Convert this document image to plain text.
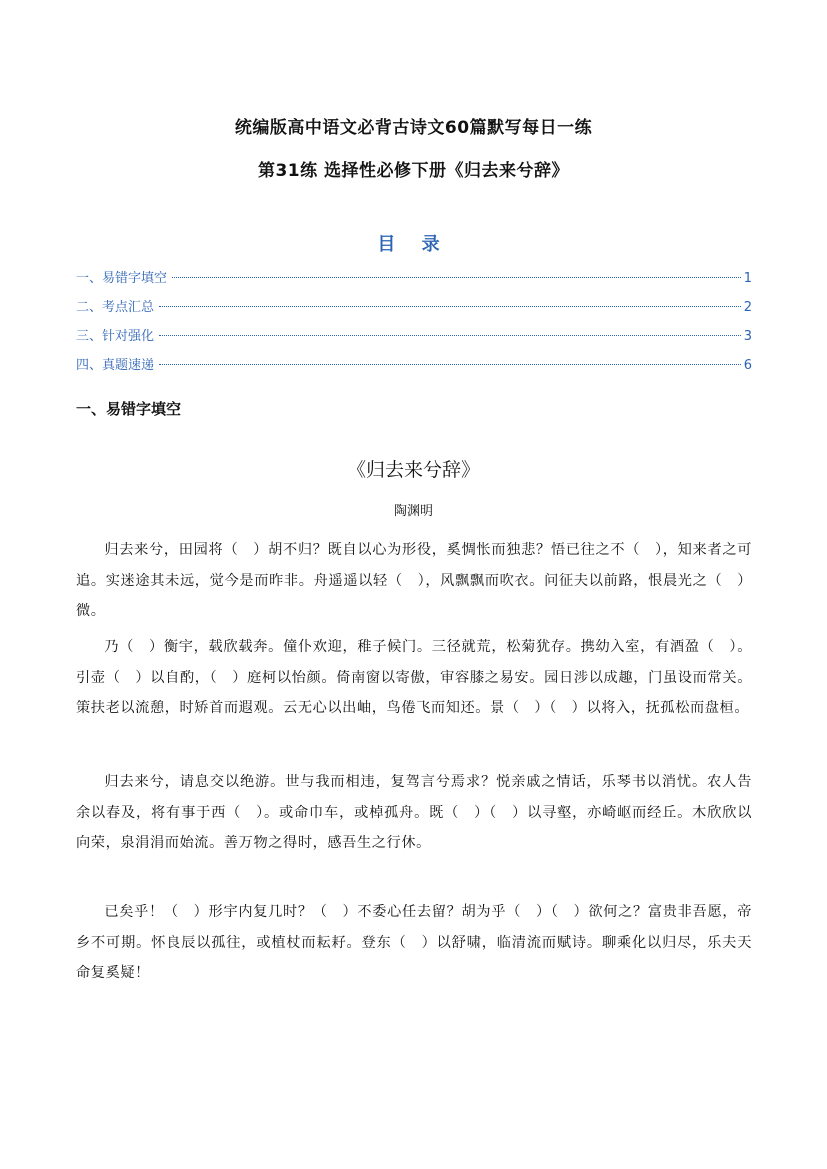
统编版高中语文必背古诗文60篇默写每日一练
第31练 选择性必修下册《归去来兮辞》
目 录
一、易错字填空	1
二、考点汇总	2
三、针对强化	3
四、真题速递	6
一、易错字填空
《归去来兮辞》
陶渊明
归去来兮，田园将（　）胡不归？既自以心为形役，奚惆怅而独悲？悟已往之不（　），知来者之可追。实迷途其未远，觉今是而昨非。舟遥遥以轻（　），风飘飘而吹衣。问征夫以前路，恨晨光之（　）微。
乃（　）衡宇，载欣载奔。僮仆欢迎，稚子候门。三径就荒，松菊犹存。携幼入室，有酒盈（　）。引壶（　）以自酌，（　）庭柯以怡颜。倚南窗以寄傲，审容膝之易安。园日涉以成趣，门虽设而常关。策扶老以流憩，时矫首而遐观。云无心以出岫，鸟倦飞而知还。景（　）（　）以将入，抚孤松而盘桓。
归去来兮，请息交以绝游。世与我而相违，复驾言兮焉求？悦亲戚之情话，乐琴书以消忧。农人告余以春及，将有事于西（　）。或命巾车，或棹孤舟。既（　）（　）以寻壑，亦崎岖而经丘。木欣欣以向荣，泉涓涓而始流。善万物之得时，感吾生之行休。
已矣乎！（　）形宇内复几时？（　）不委心任去留？胡为乎（　）（　）欲何之？富贵非吾愿，帝乡不可期。怀良辰以孤往，或植杖而耘耔。登东（　）以舒啸，临清流而赋诗。聊乘化以归尽，乐夫天命复奚疑！
